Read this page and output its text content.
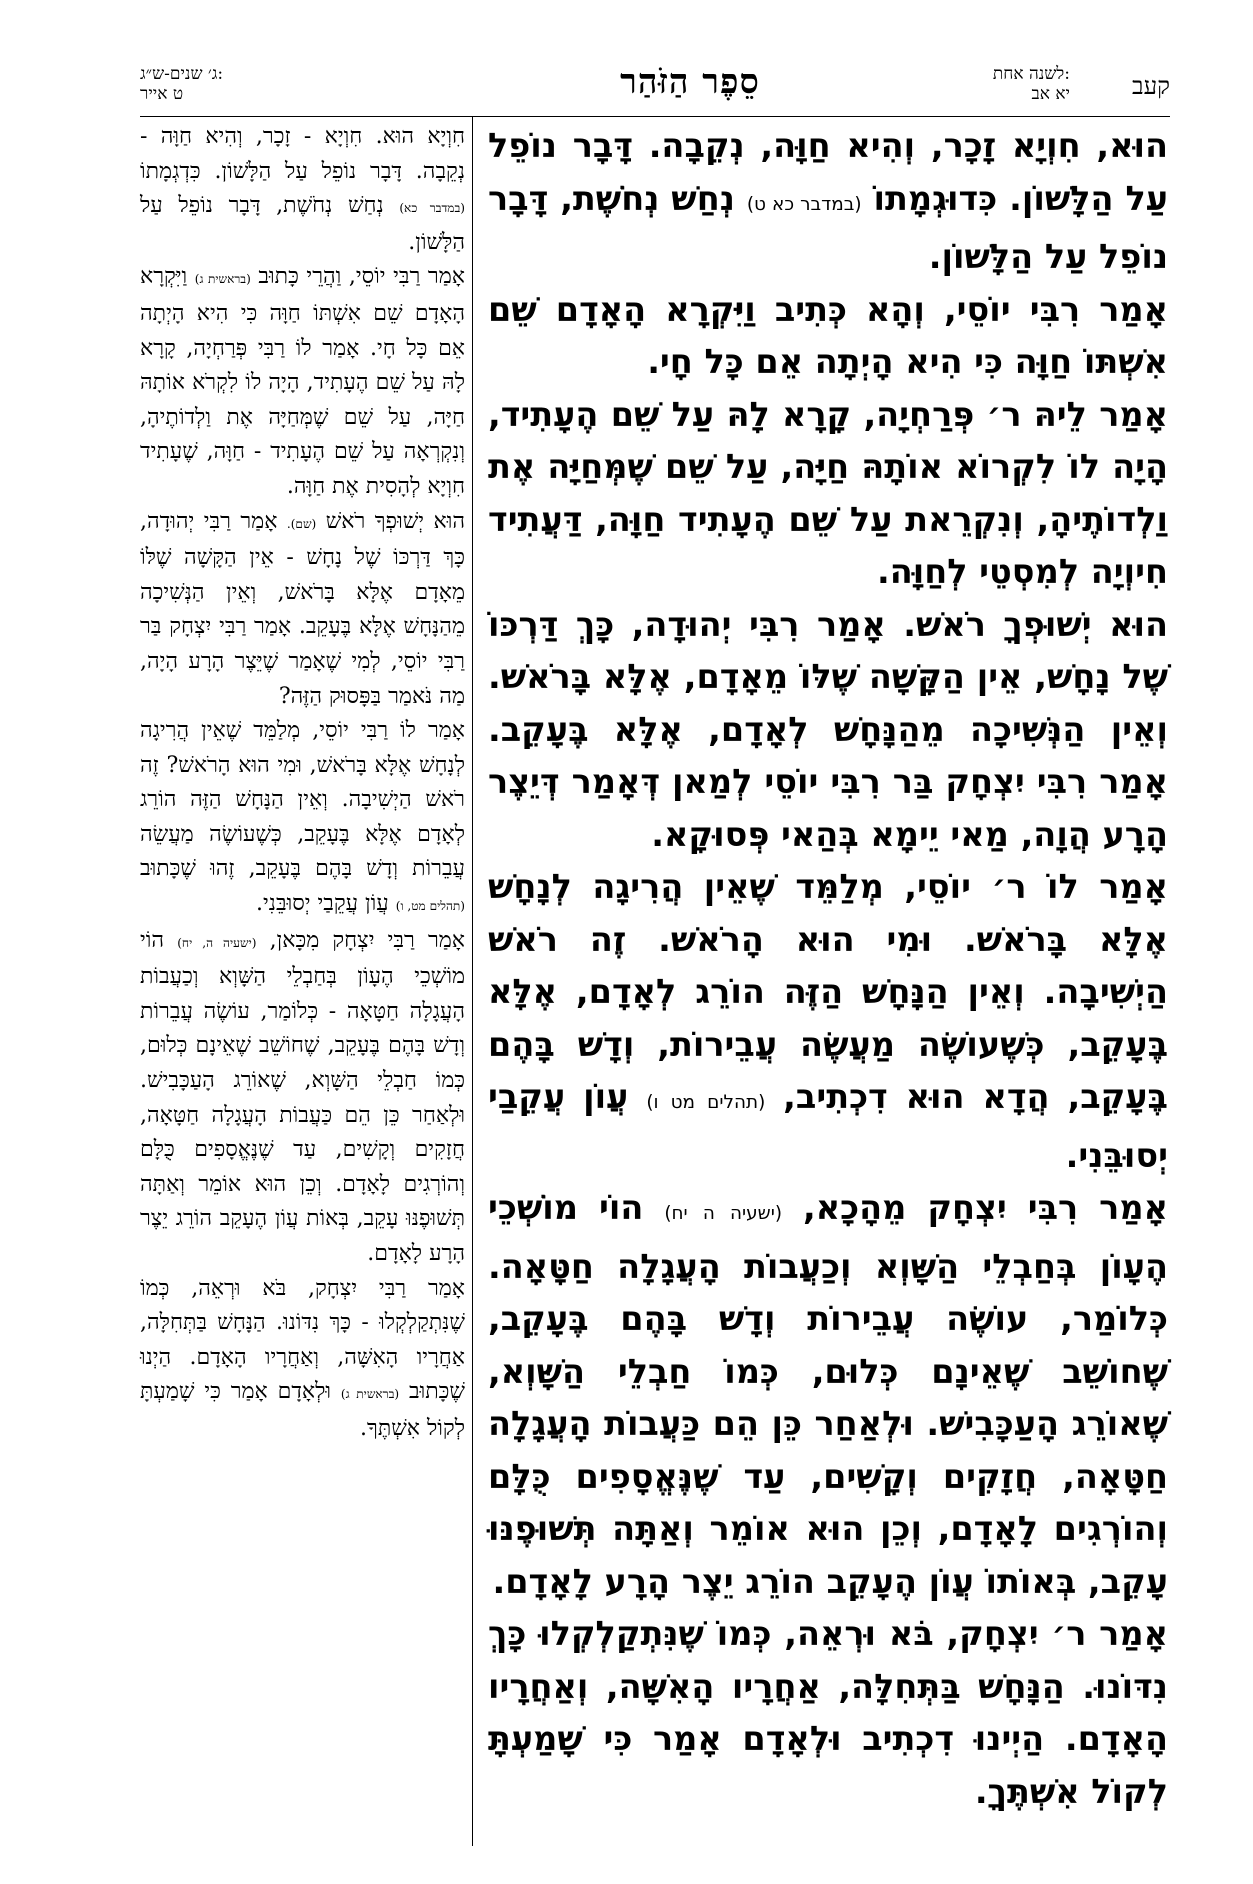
קעב
לשנה אחת:
יא אב
סֵפֶר הַזֹּהַר
ג׳ שנים-ש״ג:
ט אייר

הוּא, חִוְיָא זָכָר, וְהִיא חַוָּה, נְקֵבָה. דָּבָר נוֹפֵל עַל הַלָּשׁוֹן. כִּדוּגְמָתוֹ (במדבר כא ט) נְחַשׁ נְחֹשֶׁת, דָּבָר נוֹפֵל עַל הַלָּשׁוֹן.

אָמַר רִבִּי יוֹסֵי, וְהָא כְּתִיב וַיִּקְרָא הָאָדָם שֵׁם אִשְׁתּוֹ חַוָּה כִּי הִיא הָיְתָה אֵם כָּל חָי.

אָמַר לֵיהּ ר׳ פְּרַחְיָה, קָרָא לָהּ עַל שֵׁם הֶעָתִיד, הָיָה לוֹ לִקְרוֹא אוֹתָהּ חַיָּה, עַל שֵׁם שֶׁמְּחַיָּה אֶת וַלְדוֹתֶיהָ, וְנִקְרֵאת עַל שֵׁם הֶעָתִיד חַוָּה, דַּעֲתִיד חִיוְיָה לְמִסְטֵי לְחַוָּה.

הוּא יְשׁוּפְךָ רֹאשׁ. אָמַר רִבִּי יְהוּדָה, כָּךְ דַּרְכּוֹ שֶׁל נָחָשׁ, אֵין הַקָּשָׁה שֶׁלּוֹ מֵאָדָם, אֶלָּא בָּרֹאשׁ. וְאֵין הַנְּשִׁיכָה מֵהַנָּחָשׁ לְאָדָם, אֶלָּא בֶּעָקֵב. אָמַר רִבִּי יִצְחָק בַּר רִבִּי יוֹסֵי לְמַאן דְּאָמַר דְּיֵצֶר הָרָע הֲוָה, מַאי יֵימָא בְּהַאי פְּסוּקָא.

אָמַר לוֹ ר׳ יוֹסֵי, מְלַמֵּד שֶׁאֵין הֲרִיגָה לְנָחָשׁ אֶלָּא בָּרֹאשׁ. וּמִי הוּא הָרֹאשׁ. זֶה רֹאשׁ הַיְשִׁיבָה. וְאֵין הַנָּחָשׁ הַזֶּה הוֹרֵג לְאָדָם, אֶלָּא בֶּעָקֵב, כְּשֶׁעוֹשֶׂה מַעֲשֶׂה עֲבֵירוֹת, וְדָשׁ בָּהֶם בֶּעָקֵב, הֲדָא הוּא דִכְתִיב, (תהלים מט ו) עֲוֹן עֲקֵבַי יְסוּבֵּנִי.

אָמַר רִבִּי יִצְחָק מֵהָכָא, (ישעיה ה יח) הוֹי מוֹשְׁכֵי הֶעָוֹן בְּחַבְלֵי הַשָּׁוְא וְכַעֲבוֹת הָעֲגָלָה חַטָּאָה. כְּלוֹמַר, עוֹשֶׂה עֲבֵירוֹת וְדָשׁ בָּהֶם בֶּעָקֵב, שֶׁחוֹשֵׁב שֶׁאֵינָם כְּלוּם, כְּמוֹ חַבְלֵי הַשָּׁוְא, שֶׁאוֹרֵג הָעַכָּבִישׁ. וּלְאַחַר כֵּן הֵם כַּעֲבוֹת הָעֲגָלָה חַטָּאָה, חֲזָקִים וְקָשִׁים, עַד שֶׁנֶּאֱסָפִים כֻּלָּם וְהוֹרְגִים לָאָדָם, וְכֵן הוּא אוֹמֵר וְאַתָּה תְּשׁוּפֶנּוּ עָקֵב, בְּאוֹתוֹ עֲוֹן הֶעָקֵב הוֹרֵג יֵצֶר הָרָע לָאָדָם.

אָמַר ר׳ יִצְחָק, בֹּא וּרְאֵה, כְּמוֹ שֶׁנִּתְקַלְקְלוּ כָּךְ נִדּוֹנוּ. הַנָּחָשׁ בַּתְּחִלָּה, אַחֲרָיו הָאִשָּׁה, וְאַחֲרָיו הָאָדָם. הַיְינוּ דִכְתִיב וּלְאָדָם אָמַר כִּי שָׁמַעְתָּ לְקוֹל אִשְׁתֶּךָ.

חִוְיָא הוּא. חִוְיָא - זָכָר, וְהִיא חַוָּה - נְקֵבָה. דָּבָר נוֹפֵל עַל הַלָּשׁוֹן. כִּדְגְמָתוֹ (במדבר כא) נְחַשׁ נְחֹשֶׁת, דָּבָר נוֹפֵל עַל הַלָּשׁוֹן.

אָמַר רַבִּי יוֹסֵי, וַהֲרֵי כָּתוּב (בראשית ג) וַיִּקְרָא הָאָדָם שֵׁם אִשְׁתּוֹ חַוָּה כִּי הִיא הָיְתָה אֵם כָּל חָי. אָמַר לוֹ רַבִּי פְּרַחְיָה, קָרָא לָהּ עַל שֵׁם הֶעָתִיד, הָיָה לוֹ לִקְרֹא אוֹתָהּ חַיָּה, עַל שֵׁם שֶׁמְּחַיָּה אֶת וַלְדוֹתֶיהָ, וְנִקְרְאָה עַל שֵׁם הֶעָתִיד - חַוָּה, שֶׁעָתִיד חִוְיָא לְהָסִית אֶת חַוָּה.

הוּא יְשׁוּפְךָ רֹאשׁ (שם). אָמַר רַבִּי יְהוּדָה, כָּךְ דַּרְכּוֹ שֶׁל נָחָשׁ - אֵין הַקָּשָׁה שֶׁלּוֹ מֵאָדָם אֶלָּא בָּרֹאשׁ, וְאֵין הַנְּשִׁיכָה מֵהַנָּחָשׁ אֶלָּא בֶּעָקֵב. אָמַר רַבִּי יִצְחָק בַּר רַבִּי יוֹסֵי, לְמִי שֶׁאָמַר שֶׁיֵּצֶר הָרָע הָיָה, מַה נֹּאמַר בַּפָּסוּק הַזֶּה?

אָמַר לוֹ רַבִּי יוֹסֵי, מְלַמֵּד שֶׁאֵין הֲרִיגָה לְנָחָשׁ אֶלָּא בָּרֹאשׁ, וּמִי הוּא הָרֹאשׁ? זֶה רֹאשׁ הַיְשִׁיבָה. וְאֵין הַנָּחָשׁ הַזֶּה הוֹרֵג לְאָדָם אֶלָּא בֶּעָקֵב, כְּשֶׁעוֹשֶׂה מַעֲשֵׂה עֲבֵרוֹת וְדָשׁ בָּהֶם בֶּעָקֵב, זֶהוּ שֶׁכָּתוּב (תהלים מט, ו) עֲוֹן עֲקֵבַי יְסוּבֵּנִי.

אָמַר רַבִּי יִצְחָק מִכָּאן, (ישעיה ה, יח) הוֹי מוֹשְׁכֵי הֶעָוֹן בְּחַבְלֵי הַשָּׁוְא וְכַעֲבוֹת הָעֲגָלָה חַטָּאָה - כְּלוֹמַר, עוֹשֶׂה עֲבֵרוֹת וְדָשׁ בָּהֶם בֶּעָקֵב, שֶׁחוֹשֵׁב שֶׁאֵינָם כְּלוּם, כְּמוֹ חַבְלֵי הַשָּׁוְא, שֶׁאוֹרֵג הָעַכָּבִישׁ. וּלְאַחַר כֵּן הֵם כַּעֲבוֹת הָעֲגָלָה חַטָּאָה, חֲזָקִים וְקָשִׁים, עַד שֶׁנֶּאֱסָפִים כֻּלָּם וְהוֹרְגִים לָאָדָם. וְכֵן הוּא אוֹמֵר וְאַתָּה תְּשׁוּפֶנּוּ עָקֵב, בְּאוֹת עֲוֹן הֶעָקֵב הוֹרֵג יֵצֶר הָרָע לָאָדָם.

אָמַר רַבִּי יִצְחָק, בֹּא וּרְאֵה, כְּמוֹ שֶׁנִּתְקַלְקְלוּ - כָּךְ נִדּוֹנוּ. הַנָּחָשׁ בַּתְּחִלָּה, אַחֲרָיו הָאִשָּׁה, וְאַחֲרָיו הָאָדָם. הַיְנוּ שֶׁכָּתוּב (בראשית ג) וּלְאָדָם אָמַר כִּי שָׁמַעְתָּ לְקוֹל אִשְׁתֶּךָ.
